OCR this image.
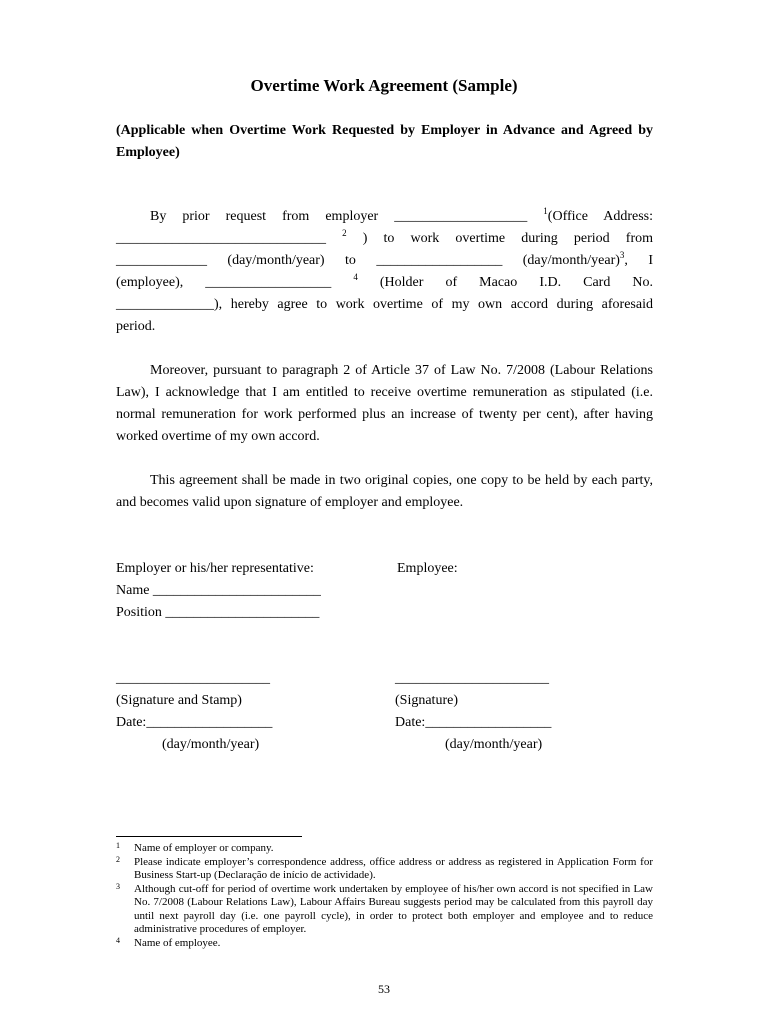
Overtime Work Agreement (Sample)
(Applicable when Overtime Work Requested by Employer in Advance and Agreed by Employee)
By prior request from employer ___________________ $^1$(Office Address:
______________________________ $^2$ ) to work overtime during period from
_____________ (day/month/year) to __________________ (day/month/year)$^3$, I
(employee), __________________ $^4$ (Holder of Macao I.D. Card No.
______________), hereby agree to work overtime of my own accord during aforesaid
period.
Moreover, pursuant to paragraph 2 of Article 37 of Law No. 7/2008 (Labour Relations Law), I acknowledge that I am entitled to receive overtime remuneration as stipulated (i.e. normal remuneration for work performed plus an increase of twenty per cent), after having worked overtime of my own accord.
This agreement shall be made in two original copies, one copy to be held by each party, and becomes valid upon signature of employer and employee.
Employer or his/her representative:	Employee:
Name ________________________
Position ______________________
______________________	______________________
(Signature and Stamp)	(Signature)
Date:__________________	Date:__________________
(day/month/year)	(day/month/year)
1 Name of employer or company.
2 Please indicate employer’s correspondence address, office address or address as registered in Application Form for Business Start-up (Declaração de início de actividade).
3 Although cut-off for period of overtime work undertaken by employee of his/her own accord is not specified in Law No. 7/2008 (Labour Relations Law), Labour Affairs Bureau suggests period may be calculated from this payroll day until next payroll day (i.e. one payroll cycle), in order to protect both employer and employee and to reduce administrative procedures of employer.
4 Name of employee.
53
